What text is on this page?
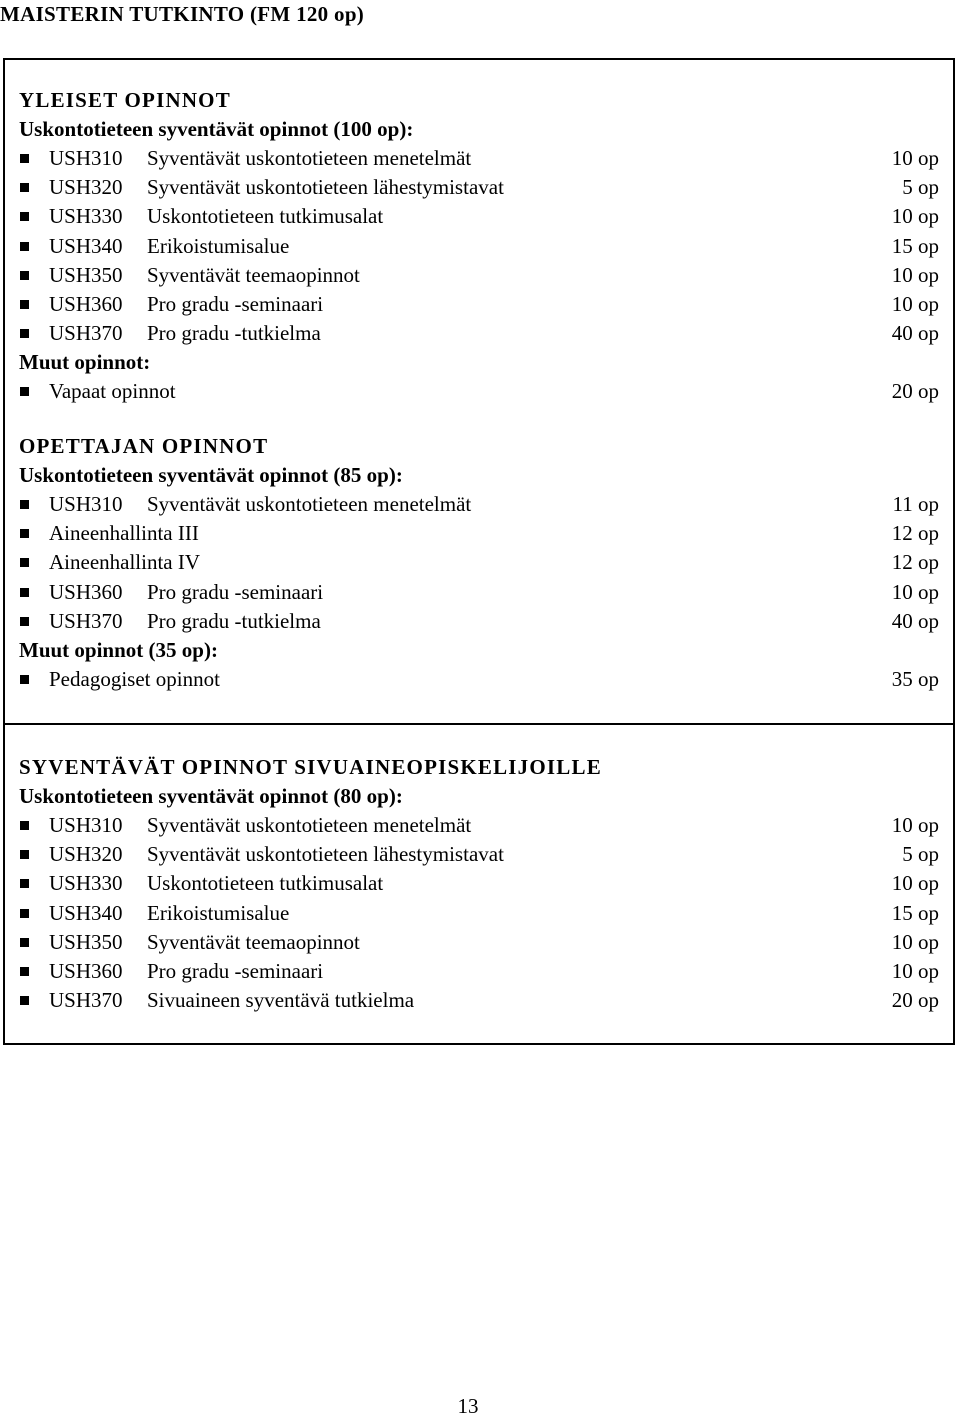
MAISTERIN TUTKINTO (FM 120 op)
YLEISET OPINNOT
Uskontotieteen syventävät opinnot (100 op):
USH310 Syventävät uskontotieteen menetelmät	10 op
USH320 Syventävät uskontotieteen lähestymistavat	5 op
USH330 Uskontotieteen tutkimusalat	10 op
USH340 Erikoistumisalue	15 op
USH350 Syventävät teemaopinnot	10 op
USH360 Pro gradu -seminaari	10 op
USH370 Pro gradu -tutkielma	40 op
Muut opinnot:
Vapaat opinnot	20 op
OPETTAJAN OPINNOT
Uskontotieteen syventävät opinnot (85 op):
USH310 Syventävät uskontotieteen menetelmät	11 op
Aineenhallinta III	12 op
Aineenhallinta IV	12 op
USH360 Pro gradu -seminaari	10 op
USH370 Pro gradu -tutkielma	40 op
Muut opinnot (35 op):
Pedagogiset opinnot	35 op
SYVENTÄVÄT OPINNOT SIVUAINEOPISKELIJOILLE
Uskontotieteen syventävät opinnot (80 op):
USH310 Syventävät uskontotieteen menetelmät	10 op
USH320 Syventävät uskontotieteen lähestymistavat	5 op
USH330 Uskontotieteen tutkimusalat	10 op
USH340 Erikoistumisalue	15 op
USH350 Syventävät teemaopinnot	10 op
USH360 Pro gradu -seminaari	10 op
USH370 Sivuaineen syventävä tutkielma	20 op
13
